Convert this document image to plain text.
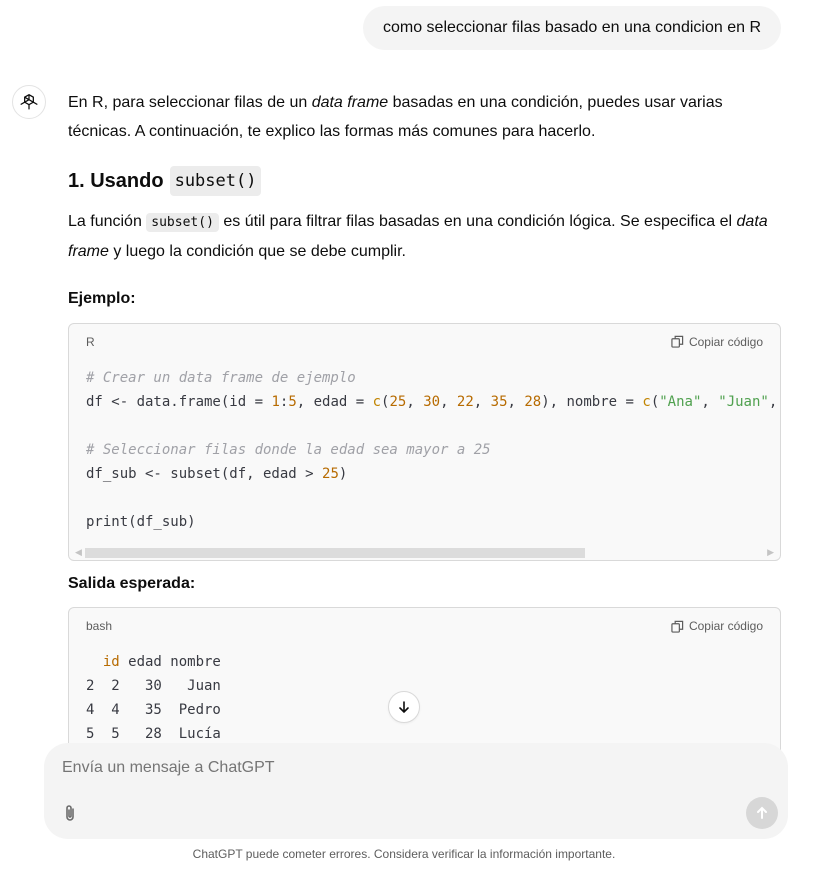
como seleccionar filas basado en una condicion en R

En R, para seleccionar filas de un data frame basadas en una condición, puedes usar varias técnicas. A continuación, te explico las formas más comunes para hacerlo.

1. Usando subset()

La función subset() es útil para filtrar filas basadas en una condición lógica. Se especifica el data frame y luego la condición que se debe cumplir.

Ejemplo:

R	Copiar código
# Crear un data frame de ejemplo
df <- data.frame(id = 1:5, edad = c(25, 30, 22, 35, 28), nombre = c("Ana", "Juan",

# Seleccionar filas donde la edad sea mayor a 25
df_sub <- subset(df, edad > 25)

print(df_sub)
◀	▶

Salida esperada:

bash	Copiar código
id edad nombre
2  2   30   Juan
4  4   35  Pedro
5  5   28  Lucía
Envía un mensaje a ChatGPT
ChatGPT puede cometer errores. Considera verificar la información importante.
